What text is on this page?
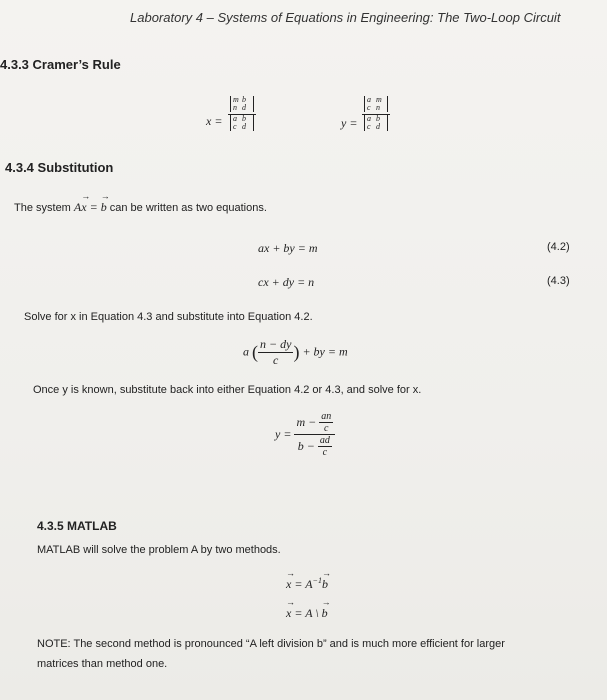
Laboratory 4 – Systems of Equations in Engineering: The Two-Loop Circuit
4.3.3 Cramer’s Rule
x =
m b
n d
a b
c d	y =
a m
c n
a b
c d
4.3.4 Substitution
The system A→ x = → b can be written as two equations.
ax + by = m	(4.2)
cx + dy = n	(4.3)
Solve for x in Equation 4.3 and substitute into Equation 4.2.
a ( $\frac{n - dy}{c}$ ) + by = m
Once y is known, substitute back into either Equation 4.2 or 4.3, and solve for x.
$y = \frac{m - \frac{an}{c}}{b - \frac{ad}{c}}$
4.3.5 MATLAB
MATLAB will solve the problem A by two methods.
→ $x = A^{-1}\to b$
→ x = A \ → b
NOTE: The second method is pronounced “A left division b” and is much more efficient for larger
matrices than method one.
